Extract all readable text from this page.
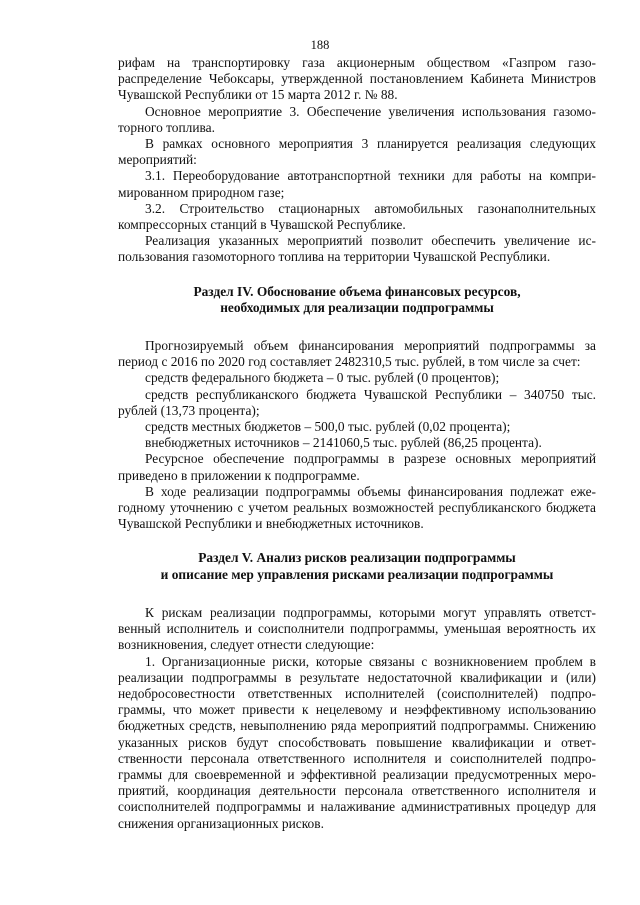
188

рифам на транспортировку газа акционерным обществом «Газпром газораспределение Чебоксары, утвержденной постановлением Кабинета Министров Чувашской Республики от 15 марта 2012 г. № 88.

Основное мероприятие 3. Обеспечение увеличения использования газомоторного топлива.

В рамках основного мероприятия 3 планируется реализация следующих мероприятий:

3.1. Переоборудование автотранспортной техники для работы на компримированном природном газе;

3.2. Строительство стационарных автомобильных газонаполнительных компрессорных станций в Чувашской Республике.

Реализация указанных мероприятий позволит обеспечить увеличение использования газомоторного топлива на территории Чувашской Республики.

Раздел IV. Обоснование объема финансовых ресурсов,
необходимых для реализации подпрограммы

Прогнозируемый объем финансирования мероприятий подпрограммы за период с 2016 по 2020 год составляет 2482310,5 тыс. рублей, в том числе за счет:

средств федерального бюджета – 0 тыс. рублей (0 процентов);

средств республиканского бюджета Чувашской Республики – 340750 тыс. рублей (13,73 процента);

средств местных бюджетов – 500,0 тыс. рублей (0,02 процента);

внебюджетных источников – 2141060,5 тыс. рублей (86,25 процента).

Ресурсное обеспечение подпрограммы в разрезе основных мероприятий приведено в приложении к подпрограмме.

В ходе реализации подпрограммы объемы финансирования подлежат ежегодному уточнению с учетом реальных возможностей республиканского бюджета Чувашской Республики и внебюджетных источников.

Раздел V. Анализ рисков реализации подпрограммы
и описание мер управления рисками реализации подпрограммы

К рискам реализации подпрограммы, которыми могут управлять ответственный исполнитель и соисполнители подпрограммы, уменьшая вероятность их возникновения, следует отнести следующие:

1. Организационные риски, которые связаны с возникновением проблем в реализации подпрограммы в результате недостаточной квалификации и (или) недобросовестности ответственных исполнителей (соисполнителей) подпрограммы, что может привести к нецелевому и неэффективному использованию бюджетных средств, невыполнению ряда мероприятий подпрограммы. Снижению указанных рисков будут способствовать повышение квалификации и ответственности персонала ответственного исполнителя и соисполнителей подпрограммы для своевременной и эффективной реализации предусмотренных мероприятий, координация деятельности персонала ответственного исполнителя и соисполнителей подпрограммы и налаживание административных процедур для снижения организационных рисков.
